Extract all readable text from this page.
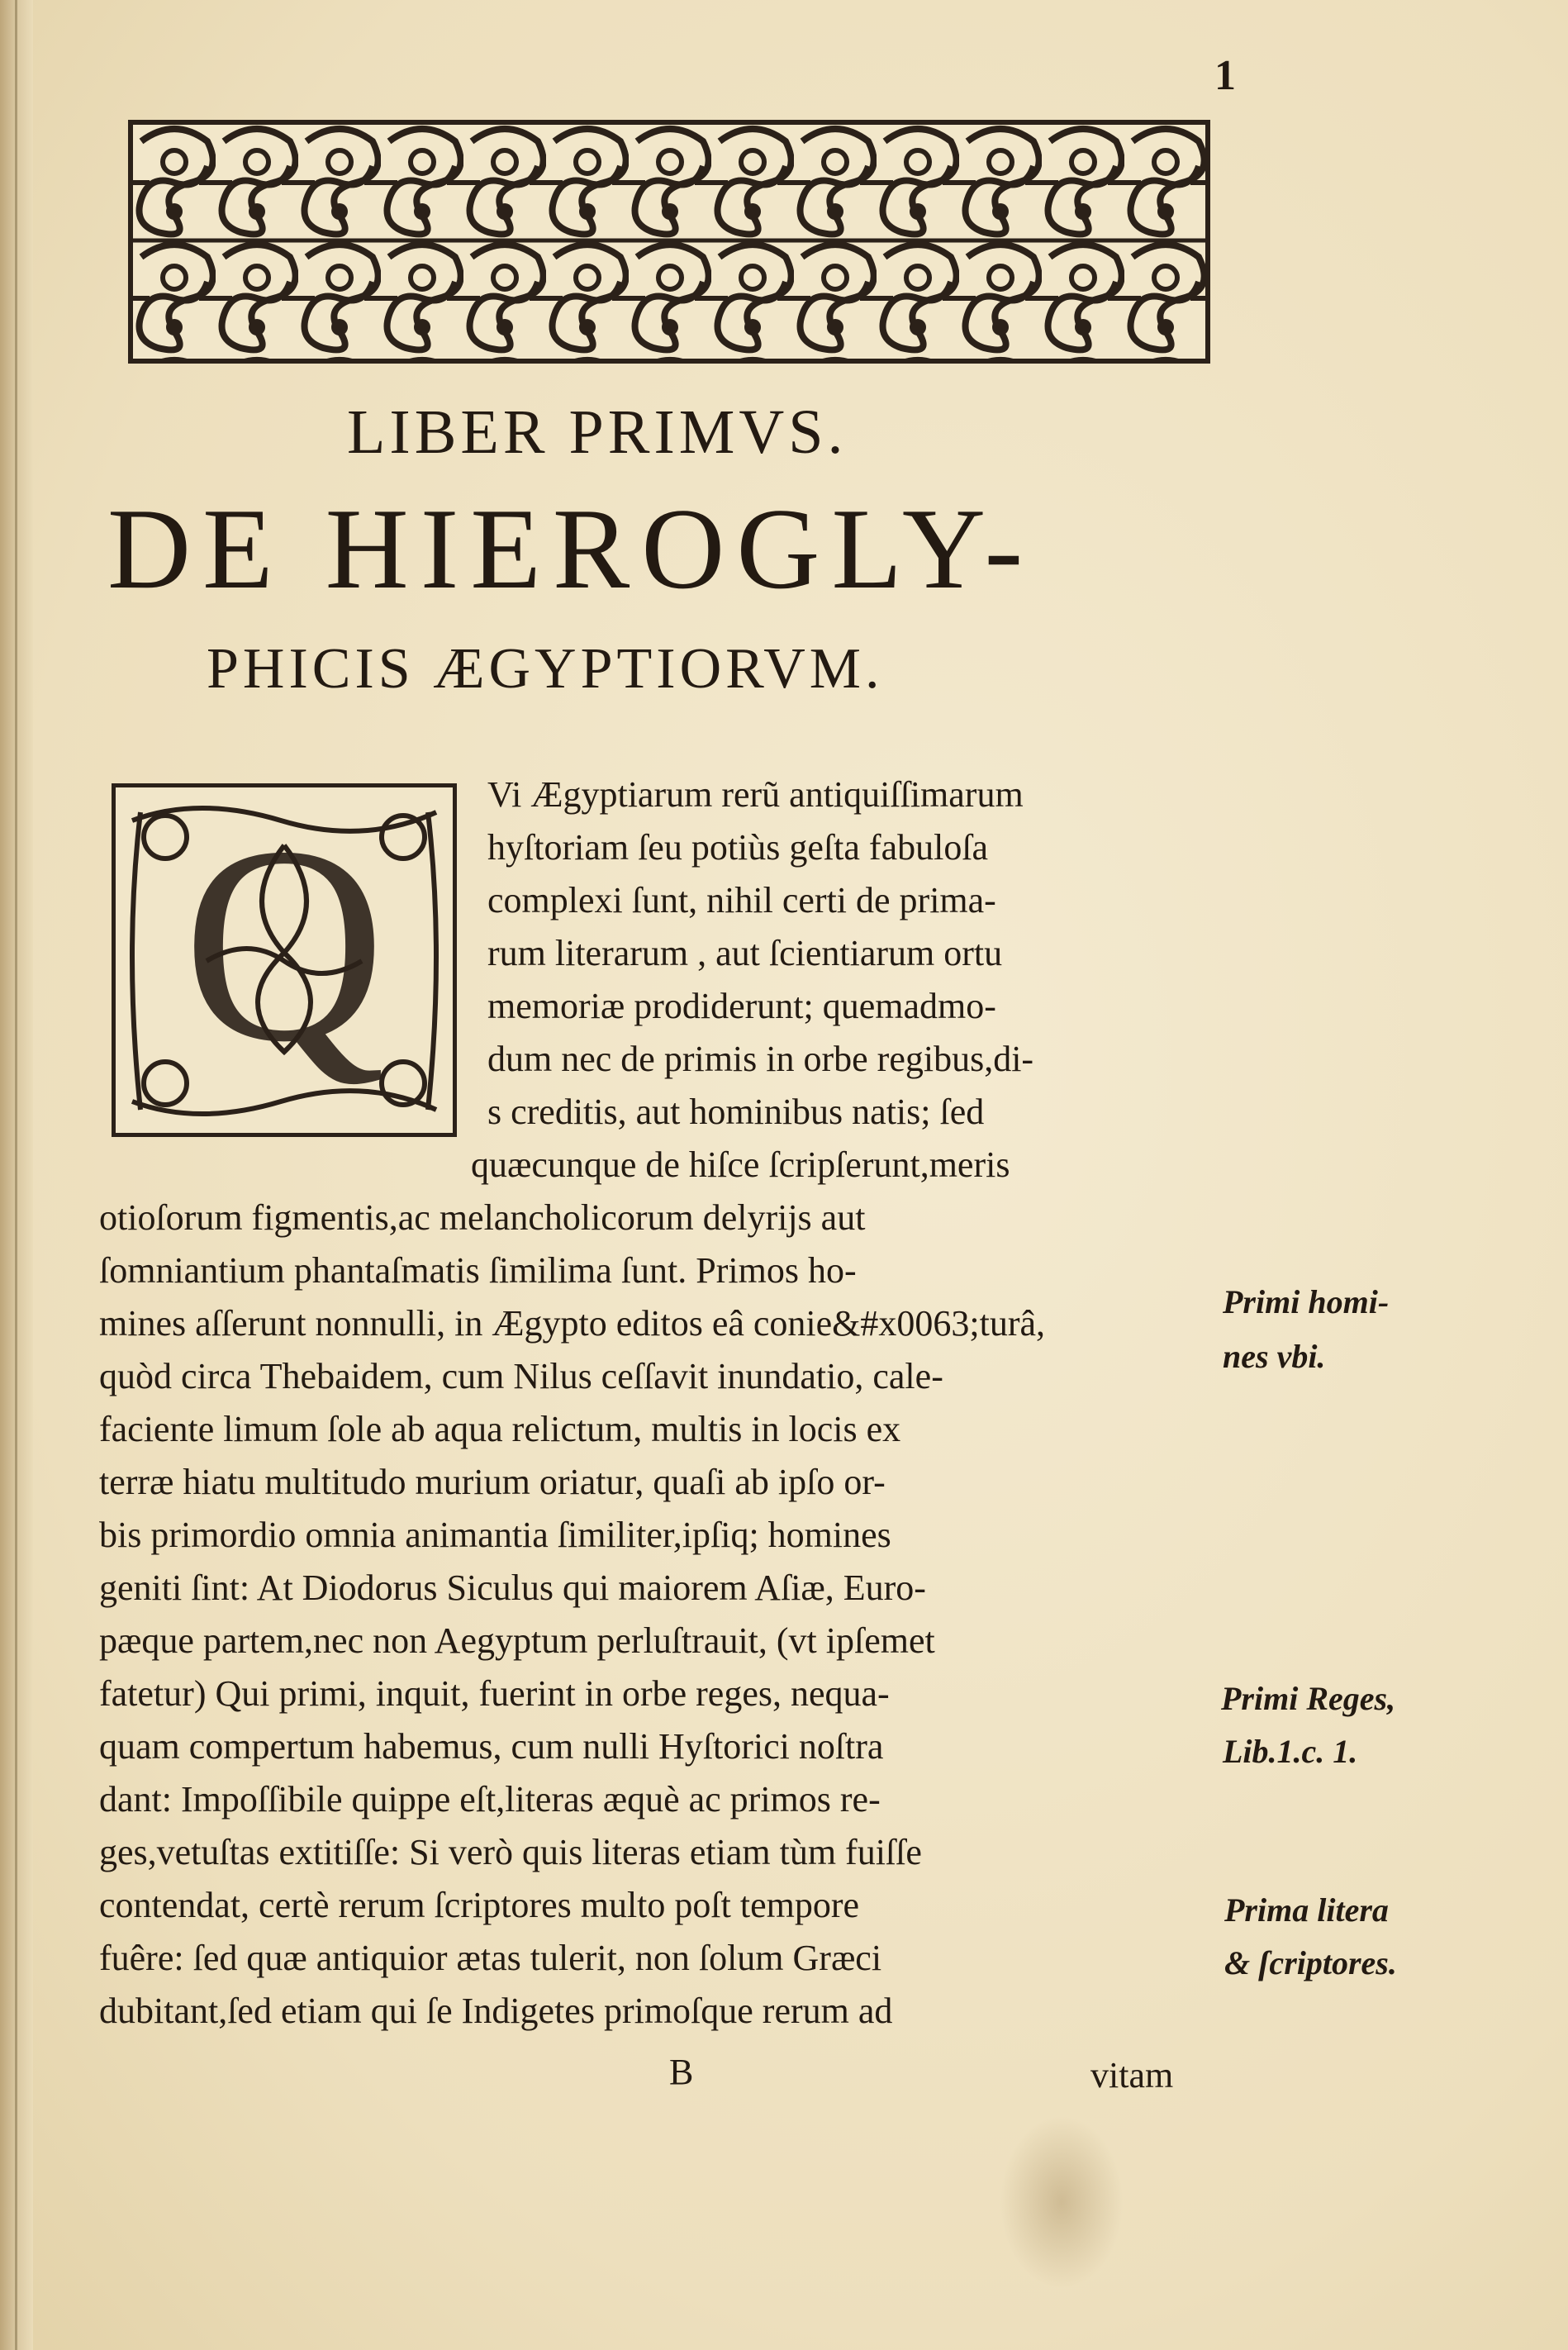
1
LIBER PRIMVS.
DE HIEROGLY-
PHICIS ÆGYPTIORVM.
Q	Vi Ægyptiarum rerũ antiquiſſimarum
hyſtoriam ſeu potiùs geſta fabuloſa
complexi ſunt, nihil certi de prima-
rum literarum , aut ſcientiarum ortu
memoriæ prodiderunt; quemadmo-
dum nec de primis in orbe regibus,di-
s creditis, aut hominibus natis; ſed
quæcunque de hiſce ſcripſerunt,meris
otioſorum figmentis,ac melancholicorum delyrijs aut
ſomniantium phantaſmatis ſimilima ſunt. Primos ho-
mines aſſerunt nonnulli, in Ægypto editos eâ conie&#x0063;turâ,
quòd circa Thebaidem, cum Nilus ceſſavit inundatio, cale-
faciente limum ſole ab aqua relictum, multis in locis ex
terræ hiatu multitudo murium oriatur, quaſi ab ipſo or-
bis primordio omnia animantia ſimiliter,ipſiq; homines
geniti ſint: At Diodorus Siculus qui maiorem Aſiæ, Euro-
pæque partem,nec non Aegyptum perluſtrauit, (vt ipſemet
fatetur) Qui primi, inquit, fuerint in orbe reges, nequa-
quam compertum habemus, cum nulli Hyſtorici noſtra
dant: Impoſſibile quippe eſt,literas æquè ac primos re-
ges,vetuſtas extitiſſe: Si verò quis literas etiam tùm fuiſſe
contendat, certè rerum ſcriptores multo poſt tempore
fuêre: ſed quæ antiquior ætas tulerit, non ſolum Græci
dubitant,ſed etiam qui ſe Indigetes primoſque rerum ad
Primi homi-
nes vbi.
Primi Reges,
Lib.1.c. 1.
Prima litera
& ſcriptores.
B	vitam
